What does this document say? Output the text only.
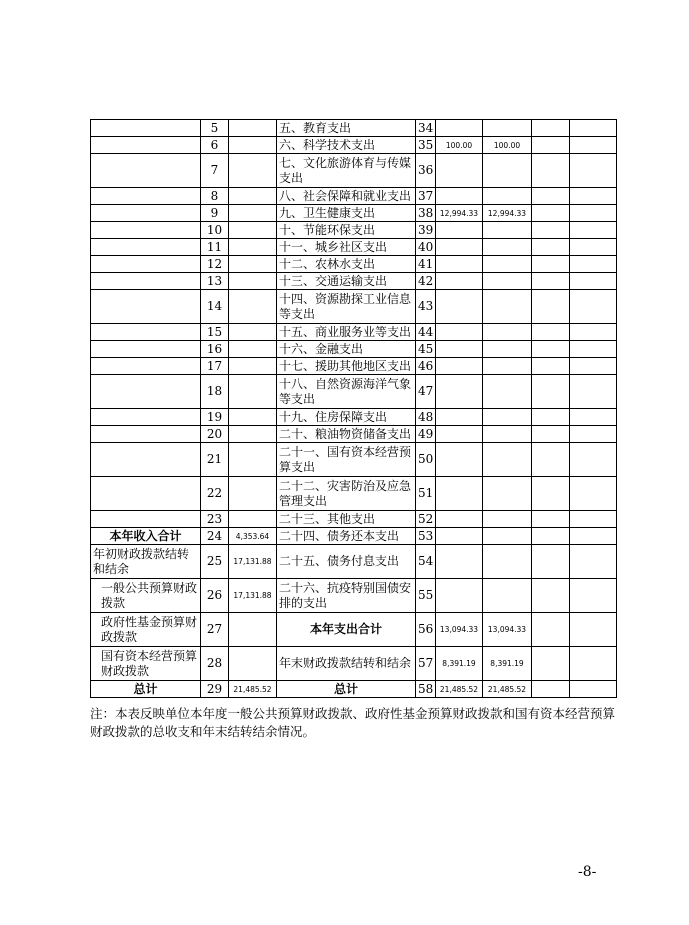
	5		五、教育支出	34				
	6		六、科学技术支出	35	100.00	100.00		
	7		七、文化旅游体育与传媒支出	36				
	8		八、社会保障和就业支出	37				
	9		九、卫生健康支出	38	12,994.33	12,994.33		
	10		十、节能环保支出	39				
	11		十一、城乡社区支出	40				
	12		十二、农林水支出	41				
	13		十三、交通运输支出	42				
	14		十四、资源勘探工业信息等支出	43				
	15		十五、商业服务业等支出	44				
	16		十六、金融支出	45				
	17		十七、援助其他地区支出	46				
	18		十八、自然资源海洋气象等支出	47				
	19		十九、住房保障支出	48				
	20		二十、粮油物资储备支出	49				
	21		二十一、国有资本经营预算支出	50				
	22		二十二、灾害防治及应急管理支出	51				
	23		二十三、其他支出	52				
本年收入合计	24	4,353.64	二十四、债务还本支出	53				
年初财政拨款结转和结余	25	17,131.88	二十五、债务付息支出	54				
一般公共预算财政拨款	26	17,131.88	二十六、抗疫特别国债安排的支出	55				
政府性基金预算财政拨款	27		本年支出合计	56	13,094.33	13,094.33		
国有资本经营预算财政拨款	28		年末财政拨款结转和结余	57	8,391.19	8,391.19		
总计	29	21,485.52	总计	58	21,485.52	21,485.52		
注：本表反映单位本年度一般公共预算财政拨款、政府性基金预算财政拨款和国有资本经营预算财政拨款的总收支和年末结转结余情况。
-8-
